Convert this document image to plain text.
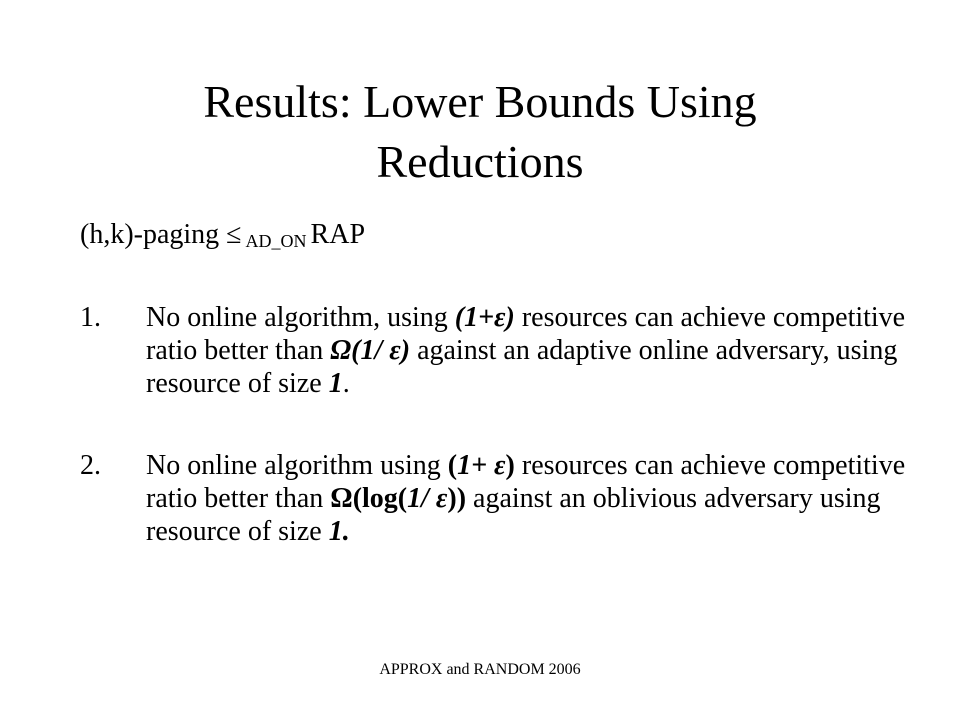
Results: Lower Bounds Using
Reductions
(h,k)-paging ≤ $_{AD\_ON}$ RAP
1.	No online algorithm, using (1+ε) resources can achieve competitive ratio better than Ω(1/ ε) against an adaptive online adversary, using resource of size 1.
2.	No online algorithm using (1+ ε) resources can achieve competitive ratio better than Ω(log(1/ ε)) against an oblivious adversary using resource of size 1.
APPROX and RANDOM 2006
